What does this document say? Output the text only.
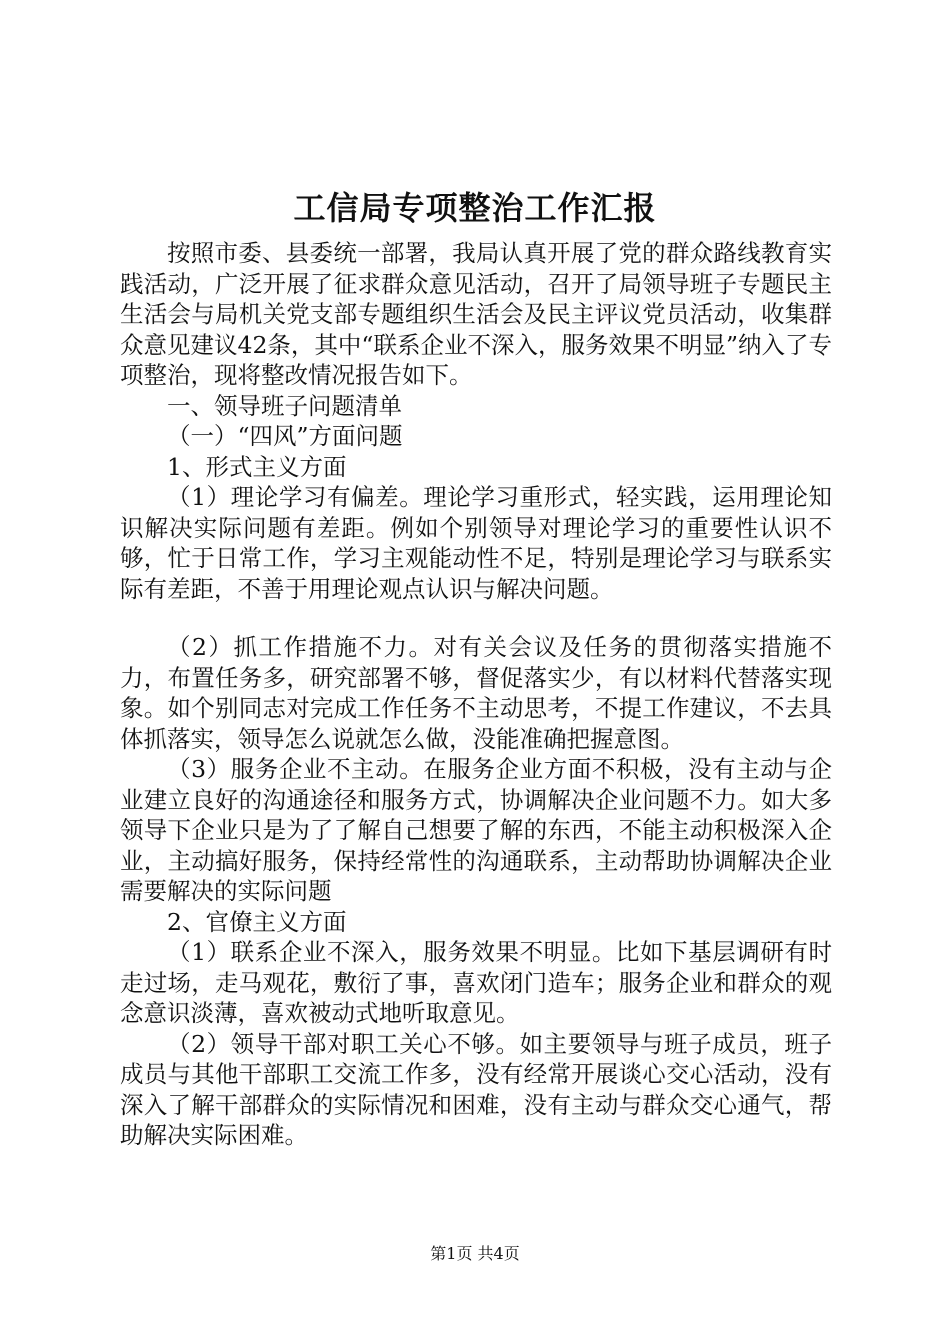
工信局专项整治工作汇报

按照市委、县委统一部署，我局认真开展了党的群众路线教育实践活动，广泛开展了征求群众意见活动，召开了局领导班子专题民主生活会与局机关党支部专题组织生活会及民主评议党员活动，收集群众意见建议42条，其中“联系企业不深入，服务效果不明显”纳入了专项整治，现将整改情况报告如下。

一、领导班子问题清单

（一）“四风”方面问题

1、形式主义方面

（1）理论学习有偏差。理论学习重形式，轻实践，运用理论知识解决实际问题有差距。例如个别领导对理论学习的重要性认识不够，忙于日常工作，学习主观能动性不足，特别是理论学习与联系实际有差距，不善于用理论观点认识与解决问题。

（2）抓工作措施不力。对有关会议及任务的贯彻落实措施不力，布置任务多，研究部署不够，督促落实少，有以材料代替落实现象。如个别同志对完成工作任务不主动思考，不提工作建议，不去具体抓落实，领导怎么说就怎么做，没能准确把握意图。

（3）服务企业不主动。在服务企业方面不积极，没有主动与企业建立良好的沟通途径和服务方式，协调解决企业问题不力。如大多领导下企业只是为了了解自己想要了解的东西，不能主动积极深入企业，主动搞好服务，保持经常性的沟通联系，主动帮助协调解决企业需要解决的实际问题

2、官僚主义方面

（1）联系企业不深入，服务效果不明显。比如下基层调研有时走过场，走马观花，敷衍了事，喜欢闭门造车；服务企业和群众的观念意识淡薄，喜欢被动式地听取意见。

（2）领导干部对职工关心不够。如主要领导与班子成员，班子成员与其他干部职工交流工作多，没有经常开展谈心交心活动，没有深入了解干部群众的实际情况和困难，没有主动与群众交心通气，帮助解决实际困难。

第1页 共4页
